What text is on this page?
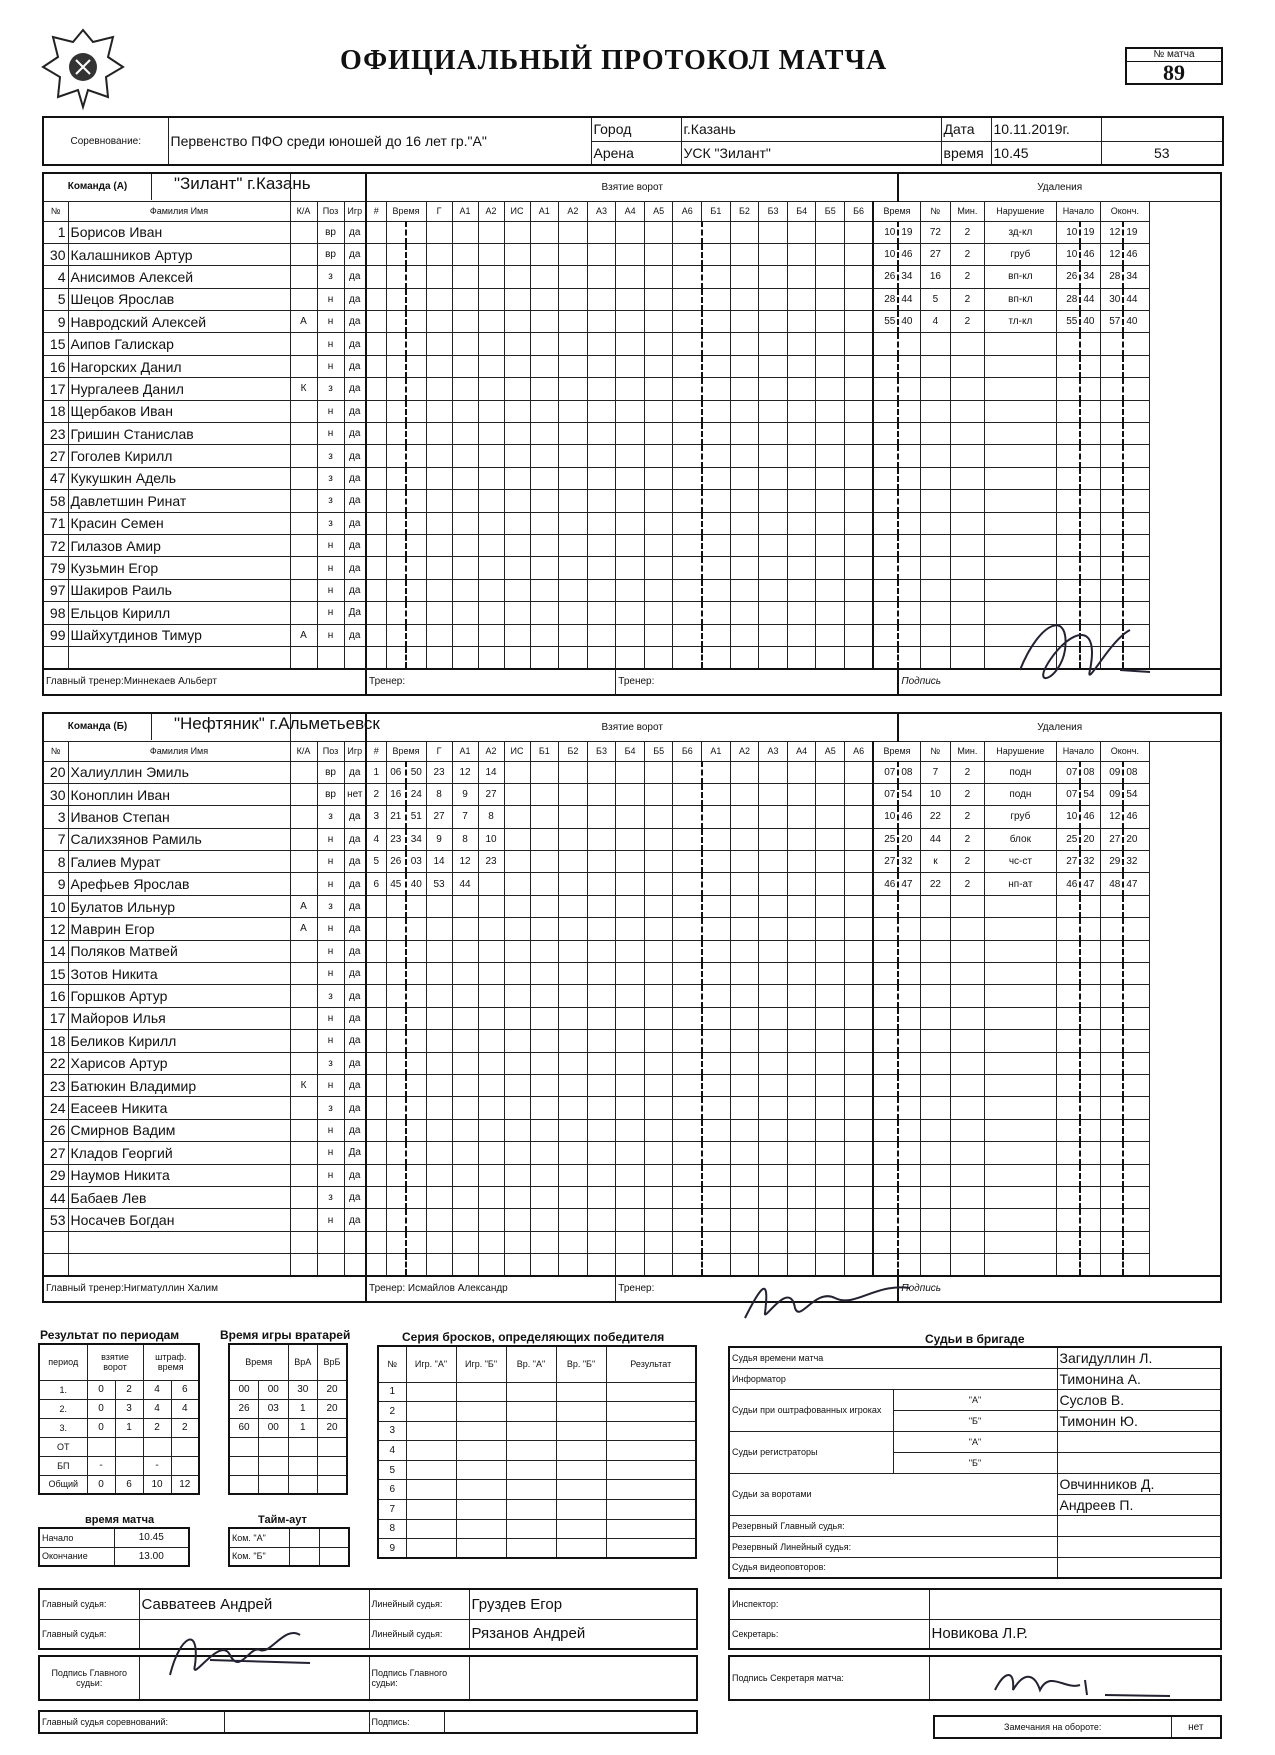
ОФИЦИАЛЬНЫЙ ПРОТОКОЛ МАТЧА	№ матча
89
Соревнование:	Первенство ПФО среди юношей до 16 лет гр."А"	Город	г.Казань	Дата	10.11.2019г.	
		Арена	УСК "Зилант"	время	10.45	53
Команда (А) "Зилант" г.Казань					Взятие ворот																				Удаления							
№	Фамилия Имя	К/А	Поз	Игр	#	Время		Г	А1	А2	ИС	А1	А2	А3	А4	А5	А6	Б1	Б2	Б3	Б4	Б5	Б6	Время		№	Мин.	Нарушение	Начало		Оконч.	
1	Борисов Иван		вр	да																				10	19	72	2	зд-кл	10	19	12	19
30	Калашников Артур		вр	да																				10	46	27	2	груб	10	46	12	46
4	Анисимов Алексей		з	да																				26	34	16	2	вп-кл	26	34	28	34
5	Шецов Ярослав		н	да																				28	44	5	2	вп-кл	28	44	30	44
9	Навродский Алексей	А	н	да																				55	40	4	2	тл-кл	55	40	57	40
15	Аипов Галискар		н	да																												
16	Нагорских Данил		н	да																												
17	Нургалеев Данил	К	з	да																												
18	Щербаков Иван		н	да																												
23	Гришин Станислав		н	да																												
27	Гоголев Кирилл		з	да																												
47	Кукушкин Адель		з	да																												
58	Давлетшин Ринат		з	да																												
71	Красин Семен		з	да																												
72	Гилазов Амир		н	да																												
79	Кузьмин Егор		н	да																												
97	Шакиров Раиль		н	да																												
98	Ельцов Кирилл		н	Да																												
99	Шайхутдинов Тимур	А	н	да																												

Главный тренер:Миннекаев Альберт					Тренер:										Тренер:										Подпись							
Команда (Б) "Нефтяник" г.Альметьевск					Взятие ворот																				Удаления							
№	Фамилия Имя	К/А	Поз	Игр	#	Время		Г	А1	А2	ИС	Б1	Б2	Б3	Б4	Б5	Б6	А1	А2	А3	А4	А5	А6	Время		№	Мин.	Нарушение	Начало		Оконч.	
20	Халиуллин Эмиль		вр	да	1	06	50	23	12	14														07	08	7	2	подн	07	08	09	08
30	Коноплин Иван		вр	нет	2	16	24	8	9	27														07	54	10	2	подн	07	54	09	54
3	Иванов Степан		з	да	3	21	51	27	7	8														10	46	22	2	груб	10	46	12	46
7	Салихзянов Рамиль		н	да	4	23	34	9	8	10														25	20	44	2	блок	25	20	27	20
8	Галиев Мурат		н	да	5	26	03	14	12	23														27	32	к	2	чс-ст	27	32	29	32
9	Арефьев Ярослав		н	да	6	45	40	53	44															46	47	22	2	нп-ат	46	47	48	47
10	Булатов Ильнур	А	з	да																												
12	Маврин Егор	А	н	да																												
14	Поляков Матвей		н	да																												
15	Зотов Никита		н	да																												
16	Горшков Артур		з	да																												
17	Майоров Илья		н	да																												
18	Беликов Кирилл		н	да																												
22	Харисов Артур		з	да																												
23	Батюкин Владимир	К	н	да																												
24	Еасеев Никита		з	да																												
26	Смирнов Вадим		н	да																												
27	Кладов Георгий		н	Да																												
29	Наумов Никита		н	да																												
44	Бабаев Лев		з	да																												
53	Носачев Богдан		н	да																												

Главный тренер:Нигматуллин Халим					Тренер: Исмайлов Александр										Тренер:										Подпись							
Результат по периодам
период	взятие ворот		штраф. время	
1.	0	2	4	6
2.	0	3	4	4
3.	0	1	2	2
ОТ				
БП	-		-	
Общий	0	6	10	12
Время игры вратарей
Время		ВрА	ВрБ
00	00	30	20
26	03	1	20
60	00	1	20

время матча
Начало	10.45
Окончание	13.00
Тайм-аут
Ком. "А"		
Ком. "Б"		
Серия бросков, определяющих победителя
№	Игр. "А"	Игр. "Б"	Вр. "А"	Вр. "Б"	Результат
1					
2					
3					
4					
5					
6					
7					
8					
9					
Судьи в бригаде
Судья времени матча		Загидуллин Л.
Информатор		Тимонина А.
Судьи при оштрафованных игроках	"А"	Суслов В.
	"Б"	Тимонин Ю.
Судьи регистраторы	"А"	
	"Б"	
Судьи за воротами		Овчинников Д.
		Андреев П.
Резервный Главный судья:		
Резервный Линейный судья:		
Судья видеоповторов:		
Главный судья:	Савватеев Андрей	Линейный судья:	Груздев Егор
Главный судья:		Линейный судья:	Рязанов Андрей
Подпись Главного судьи:		Подпись Главного судьи:	
Главный судья соревнований:		Подпись:	
Инспектор:	
Секретарь:	Новикова Л.Р.
Подпись Секретаря матча:	
Замечания на обороте:	нет
